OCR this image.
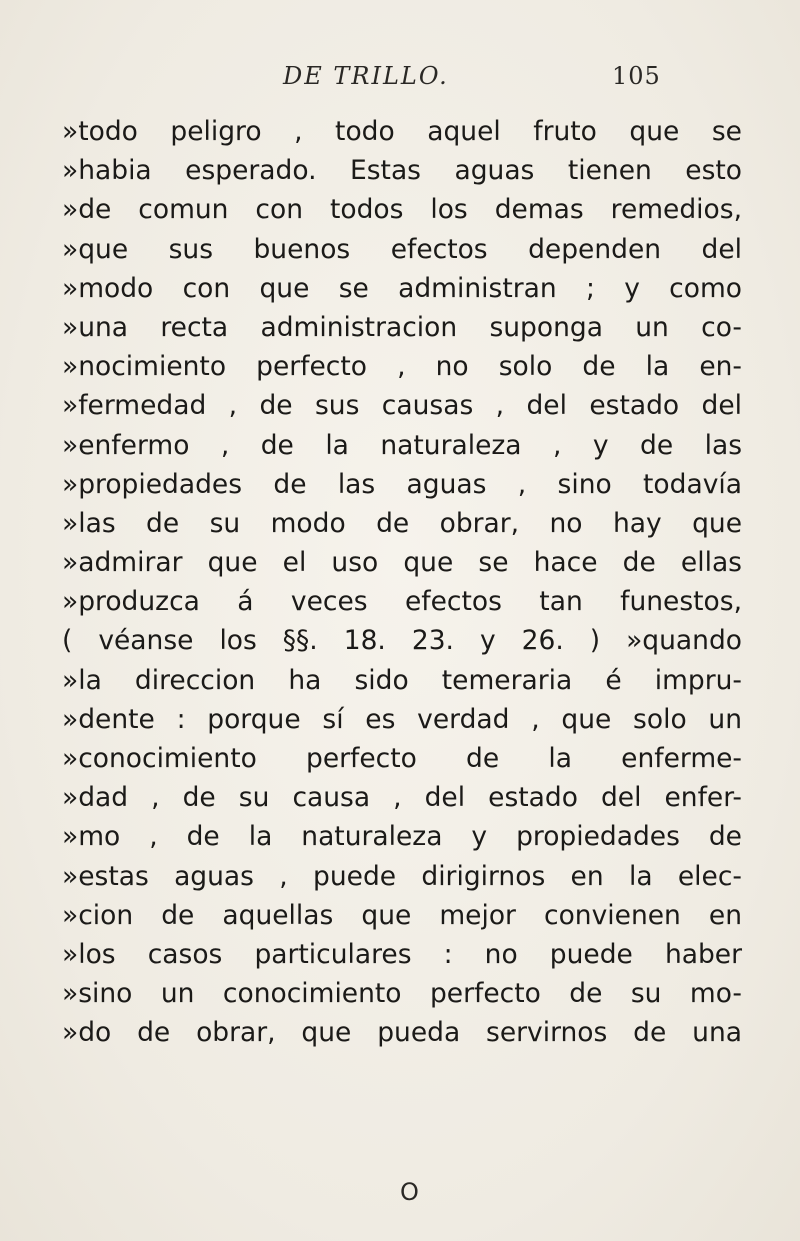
DE TRILLO.	105
»todo peligro , todo aquel fruto que se
»habia esperado. Estas aguas tienen esto
»de comun con todos los demas remedios,
»que sus buenos efectos dependen del
»modo con que se administran ; y como
»una recta administracion suponga un co-
»nocimiento perfecto , no solo de la en-
»fermedad , de sus causas , del estado del
»enfermo , de la naturaleza , y de las
»propiedades de las aguas , sino todavía
»las de su modo de obrar, no hay que
»admirar que el uso que se hace de ellas
»produzca á veces efectos tan funestos,
( véanse los §§. 18. 23. y 26. ) »quando
»la direccion ha sido temeraria é impru-
»dente : porque sí es verdad , que solo un
»conocimiento perfecto de la enferme-
»dad , de su causa , del estado del enfer-
»mo , de la naturaleza y propiedades de
»estas aguas , puede dirigirnos en la elec-
»cion de aquellas que mejor convienen en
»los casos particulares : no puede haber
»sino un conocimiento perfecto de su mo-
»do de obrar, que pueda servirnos de una
O
